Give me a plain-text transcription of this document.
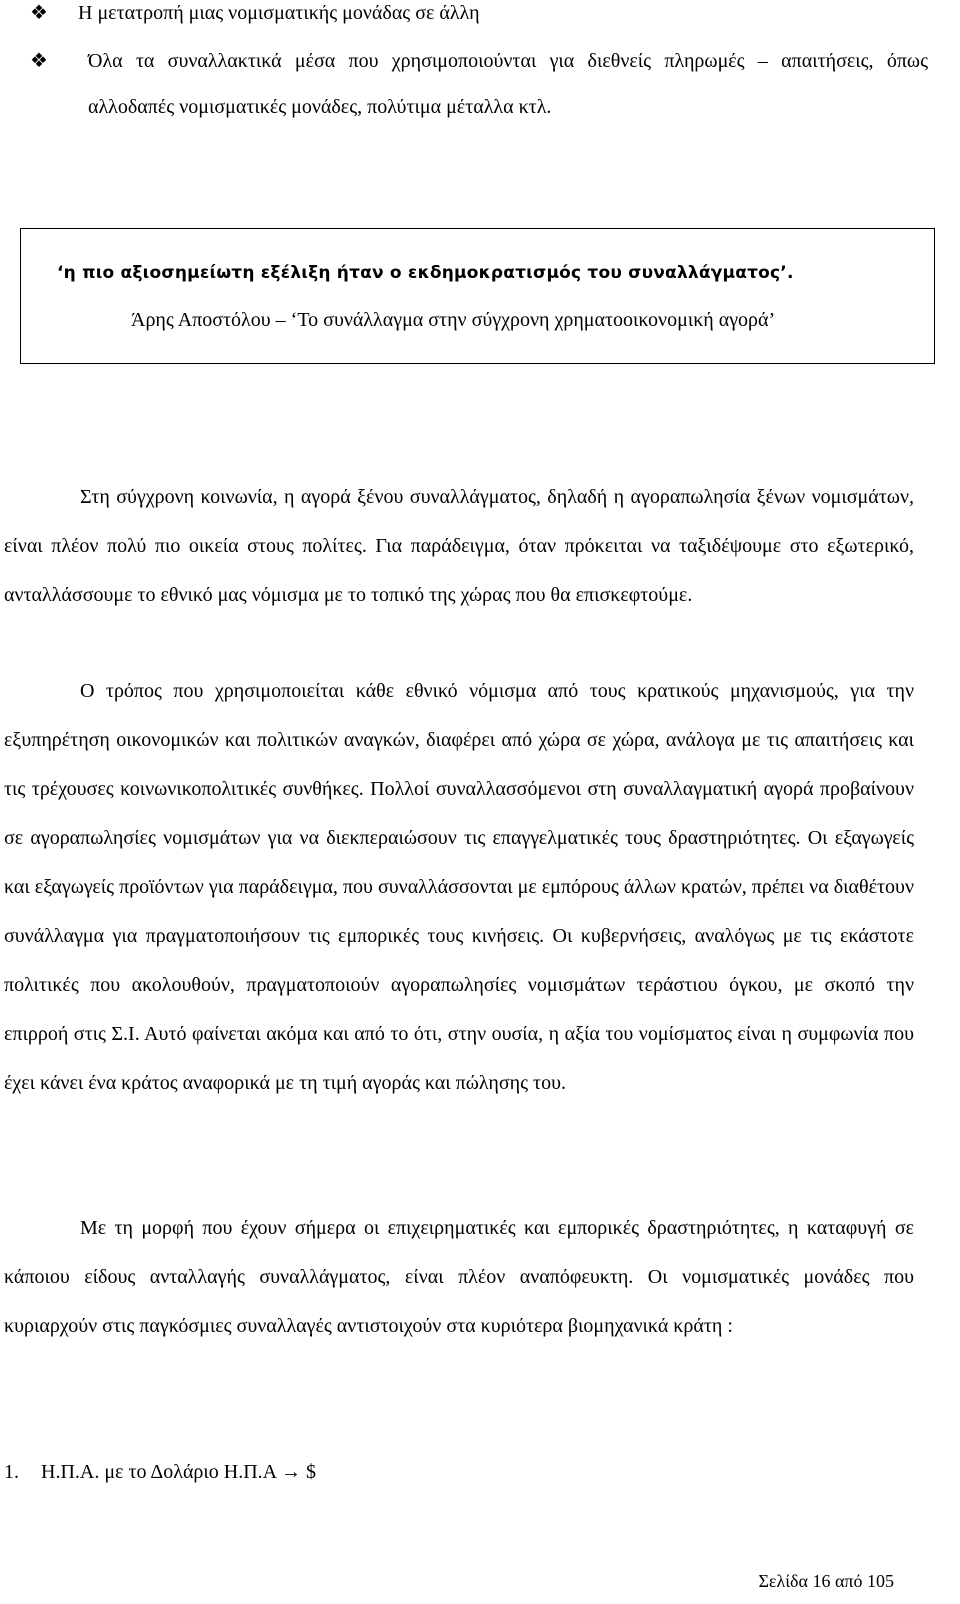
❖ Η μετατροπή μιας νομισματικής μονάδας σε άλλη
❖ Όλα τα συναλλακτικά μέσα που χρησιμοποιούνται για διεθνείς πληρωμές – απαιτήσεις, όπως αλλοδαπές νομισματικές μονάδες, πολύτιμα μέταλλα κτλ.
‘η πιο αξιοσημείωτη εξέλιξη ήταν ο εκδημοκρατισμός του συναλλάγματος’.
Άρης Αποστόλου – ‘Το συνάλλαγμα στην σύγχρονη χρηματοοικονομική αγορά’
Στη σύγχρονη κοινωνία, η αγορά ξένου συναλλάγματος, δηλαδή η αγοραπωλησία ξένων νομισμάτων, είναι πλέον πολύ πιο οικεία στους πολίτες. Για παράδειγμα, όταν πρόκειται να ταξιδέψουμε στο εξωτερικό, ανταλλάσσουμε το εθνικό μας νόμισμα με το τοπικό της χώρας που θα επισκεφτούμε.
Ο τρόπος που χρησιμοποιείται κάθε εθνικό νόμισμα από τους κρατικούς μηχανισμούς, για την εξυπηρέτηση οικονομικών και πολιτικών αναγκών, διαφέρει από χώρα σε χώρα, ανάλογα με τις απαιτήσεις και τις τρέχουσες κοινωνικοπολιτικές συνθήκες. Πολλοί συναλλασσόμενοι στη συναλλαγματική αγορά προβαίνουν σε αγοραπωλησίες νομισμάτων για να διεκπεραιώσουν τις επαγγελματικές τους δραστηριότητες. Οι εξαγωγείς και εξαγωγείς προϊόντων για παράδειγμα, που συναλλάσσονται με εμπόρους άλλων κρατών, πρέπει να διαθέτουν συνάλλαγμα για πραγματοποιήσουν τις εμπορικές τους κινήσεις. Οι κυβερνήσεις, αναλόγως με τις εκάστοτε πολιτικές που ακολουθούν, πραγματοποιούν αγοραπωλησίες νομισμάτων τεράστιου όγκου, με σκοπό την επιρροή στις Σ.Ι. Αυτό φαίνεται ακόμα και από το ότι, στην ουσία, η αξία του νομίσματος είναι η συμφωνία που έχει κάνει ένα κράτος αναφορικά με τη τιμή αγοράς και πώλησης του.
Με τη μορφή που έχουν σήμερα οι επιχειρηματικές και εμπορικές δραστηριότητες, η καταφυγή σε κάποιου είδους ανταλλαγής συναλλάγματος, είναι πλέον αναπόφευκτη. Οι νομισματικές μονάδες που κυριαρχούν στις παγκόσμιες συναλλαγές αντιστοιχούν στα κυριότερα βιομηχανικά κράτη :
1. Η.Π.Α. με το Δολάριο Η.Π.Α → $
Σελίδα 16 από 105
